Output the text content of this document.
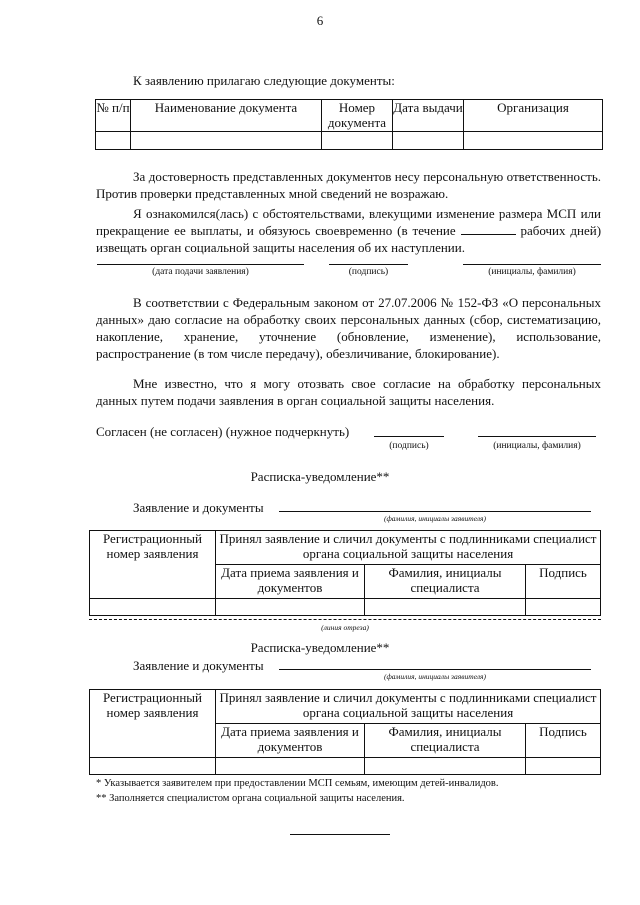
6
К заявлению прилагаю следующие документы:
№ п/п	Наименование документа	Номер документа	Дата выдачи	Организация

За достоверность представленных документов несу персональную ответственность. Против проверки представленных мной сведений не возражаю.
Я ознакомился(лась) с обстоятельствами, влекущими изменение размера МСП или прекращение ее выплаты, и обязуюсь своевременно (в течение	рабочих дней) извещать орган социальной защиты населения об их наступлении.
(дата подачи заявления)	(подпись)	(инициалы, фамилия)
В соответствии с Федеральным законом от 27.07.2006 № 152-ФЗ «О персональных данных» даю согласие на обработку своих персональных данных (сбор, систематизацию, накопление, хранение, уточнение (обновление, изменение), использование, распространение (в том числе передачу), обезличивание, блокирование).
Мне известно, что я могу отозвать свое согласие на обработку персональных данных путем подачи заявления в орган социальной защиты населения.
Согласен (не согласен) (нужное подчеркнуть)
(подпись)	(инициалы, фамилия)
Расписка-уведомление**
Заявление и документы
(фамилия, инициалы заявителя)
Регистрационный номер заявления	Принял заявление и сличил документы с подлинниками специалист органа социальной защиты населения		
	Дата приема заявления и документов	Фамилия, инициалы специалиста	Подпись

(линия отреза)
Расписка-уведомление**
Заявление и документы
(фамилия, инициалы заявителя)
Регистрационный номер заявления	Принял заявление и сличил документы с подлинниками специалист органа социальной защиты населения		
	Дата приема заявления и документов	Фамилия, инициалы специалиста	Подпись

* Указывается заявителем при предоставлении МСП семьям, имеющим детей-инвалидов.
** Заполняется специалистом органа социальной защиты населения.
